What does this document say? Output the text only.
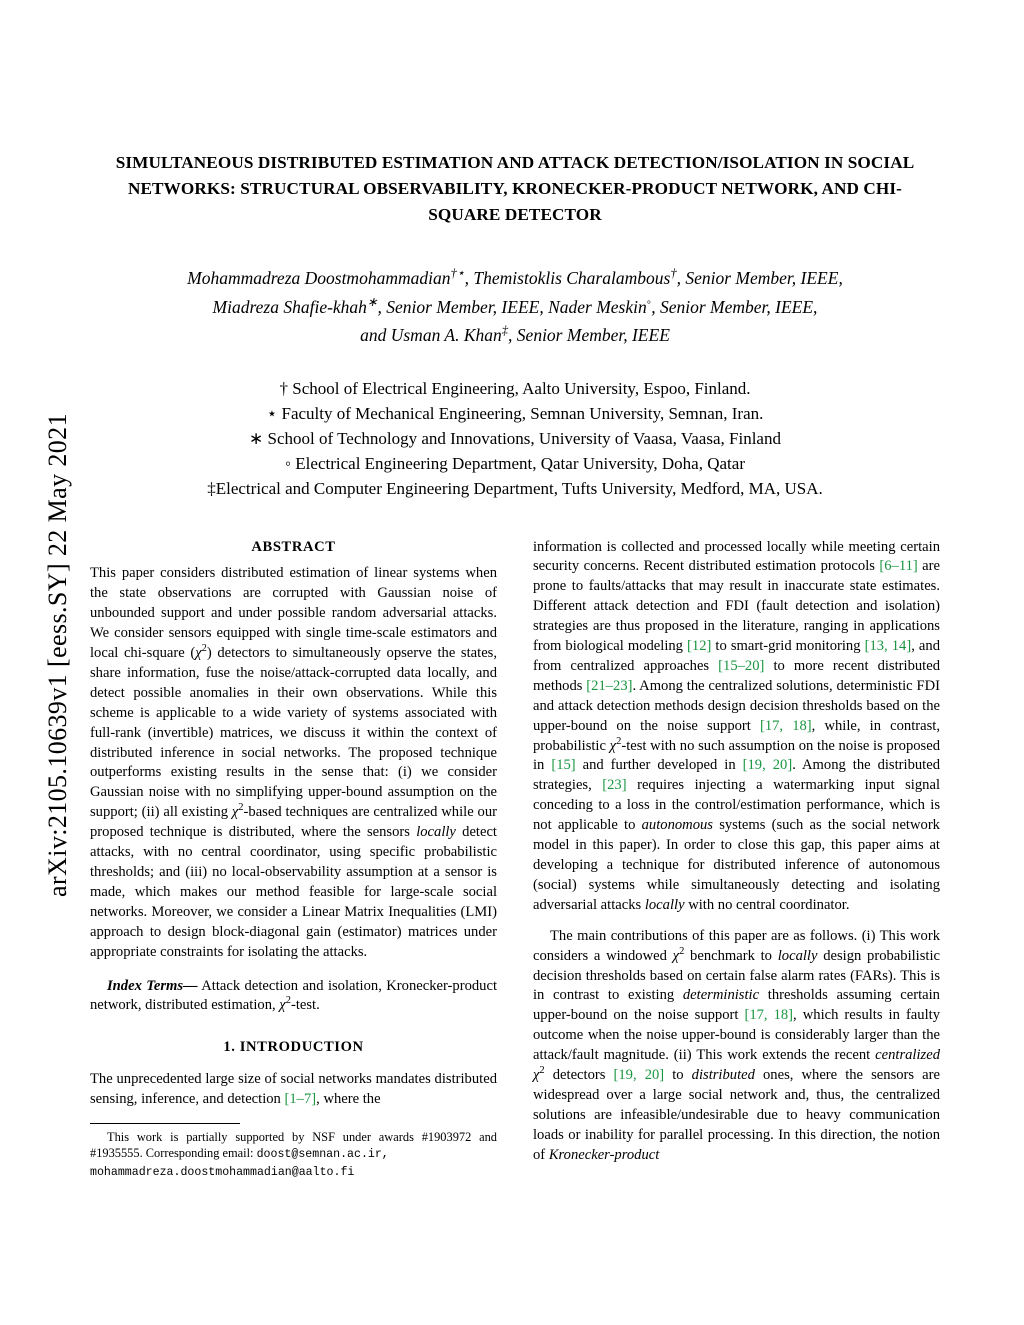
arXiv:2105.10639v1 [eess.SY] 22 May 2021
SIMULTANEOUS DISTRIBUTED ESTIMATION AND ATTACK DETECTION/ISOLATION IN SOCIAL NETWORKS: STRUCTURAL OBSERVABILITY, KRONECKER-PRODUCT NETWORK, AND CHI-SQUARE DETECTOR
Mohammadreza Doostmohammadian†⋆, Themistoklis Charalambous†, Senior Member, IEEE,
Miadreza Shafie-khah∗, Senior Member, IEEE, Nader Meskin◦, Senior Member, IEEE,
and Usman A. Khan‡, Senior Member, IEEE
† School of Electrical Engineering, Aalto University, Espoo, Finland.
⋆ Faculty of Mechanical Engineering, Semnan University, Semnan, Iran.
∗ School of Technology and Innovations, University of Vaasa, Vaasa, Finland
◦ Electrical Engineering Department, Qatar University, Doha, Qatar
‡Electrical and Computer Engineering Department, Tufts University, Medford, MA, USA.
ABSTRACT

This paper considers distributed estimation of linear systems when the state observations are corrupted with Gaussian noise of unbounded support and under possible random adversarial attacks. We consider sensors equipped with single time-scale estimators and local chi-square $(\chi^2)$ detectors to simultaneously opserve the states, share information, fuse the noise/attack-corrupted data locally, and detect possible anomalies in their own observations. While this scheme is applicable to a wide variety of systems associated with full-rank (invertible) matrices, we discuss it within the context of distributed inference in social networks. The proposed technique outperforms existing results in the sense that: (i) we consider Gaussian noise with no simplifying upper-bound assumption on the support; (ii) all existing $\chi^2$-based techniques are centralized while our proposed technique is distributed, where the sensors locally detect attacks, with no central coordinator, using specific probabilistic thresholds; and (iii) no local-observability assumption at a sensor is made, which makes our method feasible for large-scale social networks. Moreover, we consider a Linear Matrix Inequalities (LMI) approach to design block-diagonal gain (estimator) matrices under appropriate constraints for isolating the attacks.

Index Terms— Attack detection and isolation, Kronecker-product network, distributed estimation, $\chi^2$-test.

1. INTRODUCTION

The unprecedented large size of social networks mandates distributed sensing, inference, and detection [1–7], where the

This work is partially supported by NSF under awards #1903972 and #1935555. Corresponding email: doost@semnan.ac.ir,
mohammadreza.doostmohammadian@aalto.fi

information is collected and processed locally while meeting certain security concerns. Recent distributed estimation protocols [6–11] are prone to faults/attacks that may result in inaccurate state estimates. Different attack detection and FDI (fault detection and isolation) strategies are thus proposed in the literature, ranging in applications from biological modeling [12] to smart-grid monitoring [13, 14], and from centralized approaches [15–20] to more recent distributed methods [21–23]. Among the centralized solutions, deterministic FDI and attack detection methods design decision thresholds based on the upper-bound on the noise support [17, 18], while, in contrast, probabilistic $\chi^2$-test with no such assumption on the noise is proposed in [15] and further developed in [19, 20]. Among the distributed strategies, [23] requires injecting a watermarking input signal conceding to a loss in the control/estimation performance, which is not applicable to autonomous systems (such as the social network model in this paper). In order to close this gap, this paper aims at developing a technique for distributed inference of autonomous (social) systems while simultaneously detecting and isolating adversarial attacks locally with no central coordinator.

The main contributions of this paper are as follows. (i) This work considers a windowed $\chi^2$ benchmark to locally design probabilistic decision thresholds based on certain false alarm rates (FARs). This is in contrast to existing deterministic thresholds assuming certain upper-bound on the noise support [17, 18], which results in faulty outcome when the noise upper-bound is considerably larger than the attack/fault magnitude. (ii) This work extends the recent centralized $\chi^2$ detectors [19, 20] to distributed ones, where the sensors are widespread over a large social network and, thus, the centralized solutions are infeasible/undesirable due to heavy communication loads or inability for parallel processing. In this direction, the notion of Kronecker-product
